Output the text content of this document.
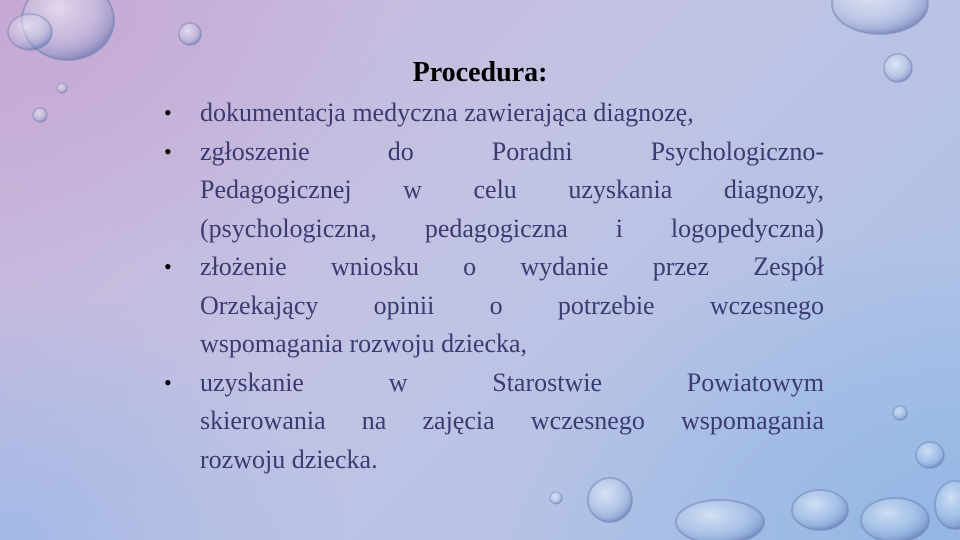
Procedura:
• dokumentacja medyczna zawierająca diagnozę,
• zgłoszenie	do	Poradni	Psychologiczno-
Pedagogicznej w celu uzyskania diagnozy,
(psychologiczna, pedagogiczna i logopedyczna)
• złożenie wniosku o wydanie przez Zespół
Orzekający opinii o potrzebie wczesnego
wspomagania rozwoju dziecka,
• uzyskanie	w	Starostwie	Powiatowym
skierowania na zajęcia wczesnego wspomagania
rozwoju dziecka.
